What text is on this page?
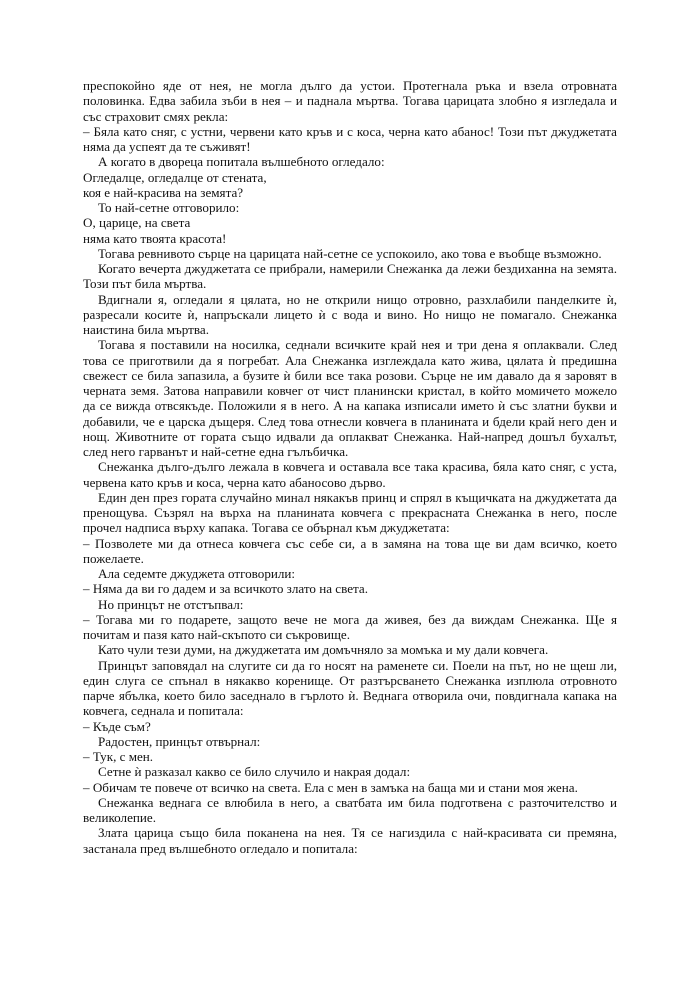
преспокойно яде от нея, не могла дълго да устои. Протегнала ръка и взела отровната половинка. Едва забила зъби в нея – и паднала мъртва. Тогава царицата злобно я изгледала и със страховит смях рекла:

– Бяла като сняг, с устни, червени като кръв и с коса, черна като абанос! Този път джуджетата няма да успеят да те съживят!

А когато в двореца попитала вълшебното огледало:

Огледалце, огледалце от стената,

коя е най-красива на земята?

То най-сетне отговорило:

О, царице, на света

няма като твоята красота!

Тогава ревнивото сърце на царицата най-сетне се успокоило, ако това е въобще възможно.

Когато вечерта джуджетата се прибрали, намерили Снежанка да лежи бездиханна на земята. Този път била мъртва.

Вдигнали я, огледали я цялата, но не открили нищо отровно, разхлабили панделките ѝ, разресали косите ѝ, напръскали лицето ѝ с вода и вино. Но нищо не помагало. Снежанка наистина била мъртва.

Тогава я поставили на носилка, седнали всичките край нея и три дена я оплаквали. След това се приготвили да я погребат. Ала Снежанка изглеждала като жива, цялата ѝ предишна свежест се била запазила, а бузите ѝ били все така розови. Сърце не им давало да я заровят в черната земя. Затова направили ковчег от чист планински кристал, в който момичето можело да се вижда отвсякъде. Положили я в него. А на капака изписали името ѝ със златни букви и добавили, че е царска дъщеря. След това отнесли ковчега в планината и бдели край него ден и нощ. Животните от гората също идвали да оплакват Снежанка. Най-напред дошъл бухалът, след него гарванът и най-сетне една гълъбичка.

Снежанка дълго-дълго лежала в ковчега и оставала все така красива, бяла като сняг, с уста, червена като кръв и коса, черна като абаносово дърво.

Един ден през гората случайно минал някакъв принц и спрял в къщичката на джуджетата да пренощува. Съзрял на върха на планината ковчега с прекрасната Снежанка в него, после прочел надписа върху капака. Тогава се обърнал към джуджетата:

– Позволете ми да отнеса ковчега със себе си, а в замяна на това ще ви дам всичко, което пожелаете.

Ала седемте джуджета отговорили:

– Няма да ви го дадем и за всичкото злато на света.

Но принцът не отстъпвал:

– Тогава ми го подарете, защото вече не мога да живея, без да виждам Снежанка. Ще я почитам и пазя като най-скъпото си съкровище.

Като чули тези думи, на джуджетата им домъчняло за момъка и му дали ковчега.

Принцът заповядал на слугите си да го носят на раменете си. Поели на път, но не щеш ли, един слуга се спънал в някакво коренище. От разтърсването Снежанка изплюла отровното парче ябълка, което било заседнало в гърлото ѝ. Веднага отворила очи, повдигнала капака на ковчега, седнала и попитала:

– Къде съм?

Радостен, принцът отвърнал:

– Тук, с мен.

Сетне ѝ разказал какво се било случило и накрая додал:

– Обичам те повече от всичко на света. Ела с мен в замъка на баща ми и стани моя жена.

Снежанка веднага се влюбила в него, а сватбата им била подготвена с разточителство и великолепие.

Злата царица също била поканена на нея. Тя се нагиздила с най-красивата си премяна, застанала пред вълшебното огледало и попитала:
